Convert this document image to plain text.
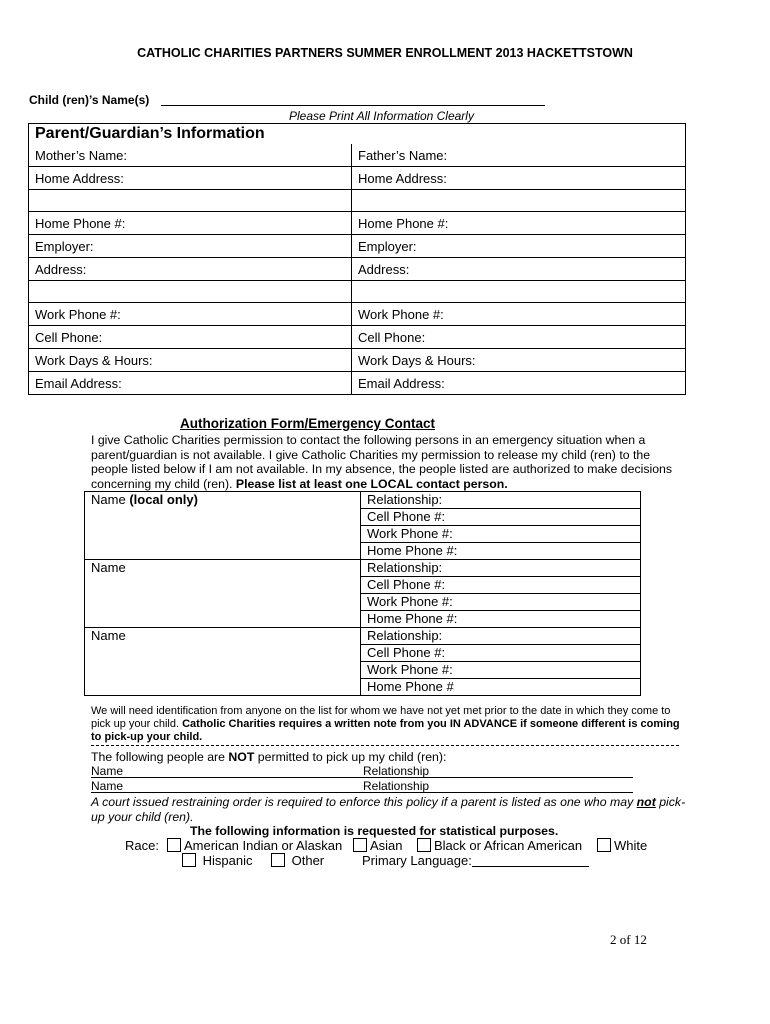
CATHOLIC CHARITIES PARTNERS SUMMER ENROLLMENT 2013 HACKETTSTOWN
Child (ren)’s Name(s)
Please Print All Information Clearly
Parent/Guardian’s Information	
Mother’s Name:	Father’s Name:
Home Address:	Home Address:

Home Phone #:	Home Phone #:
Employer:	Employer:
Address:	Address:

Work Phone #:	Work Phone #:
Cell Phone:	Cell Phone:
Work Days & Hours:	Work Days & Hours:
Email Address:	Email Address:
Authorization Form/Emergency Contact
I give Catholic Charities permission to contact the following persons in an emergency situation when a parent/guardian is not available. I give Catholic Charities my permission to release my child (ren) to the people listed below if I am not available. In my absence, the people listed are authorized to make decisions concerning my child (ren). Please list at least one LOCAL contact person.
Name (local only)	Relationship:
	Cell Phone #:
	Work Phone #:
	Home Phone #:
Name	Relationship:
	Cell Phone #:
	Work Phone #:
	Home Phone #:
Name	Relationship:
	Cell Phone #:
	Work Phone #:
	Home Phone #
We will need identification from anyone on the list for whom we have not yet met prior to the date in which they come to pick up your child. Catholic Charities requires a written note from you IN ADVANCE if someone different is coming to pick-up your child.
The following people are NOT permitted to pick up my child (ren):
Name	Relationship
Name	Relationship
A court issued restraining order is required to enforce this policy if a parent is listed as one who may not pick-up your child (ren).
The following information is requested for statistical purposes.
Race:	American Indian or Alaskan	Asian	Black or African American	White
Hispanic	Other	Primary Language:
2 of 12
